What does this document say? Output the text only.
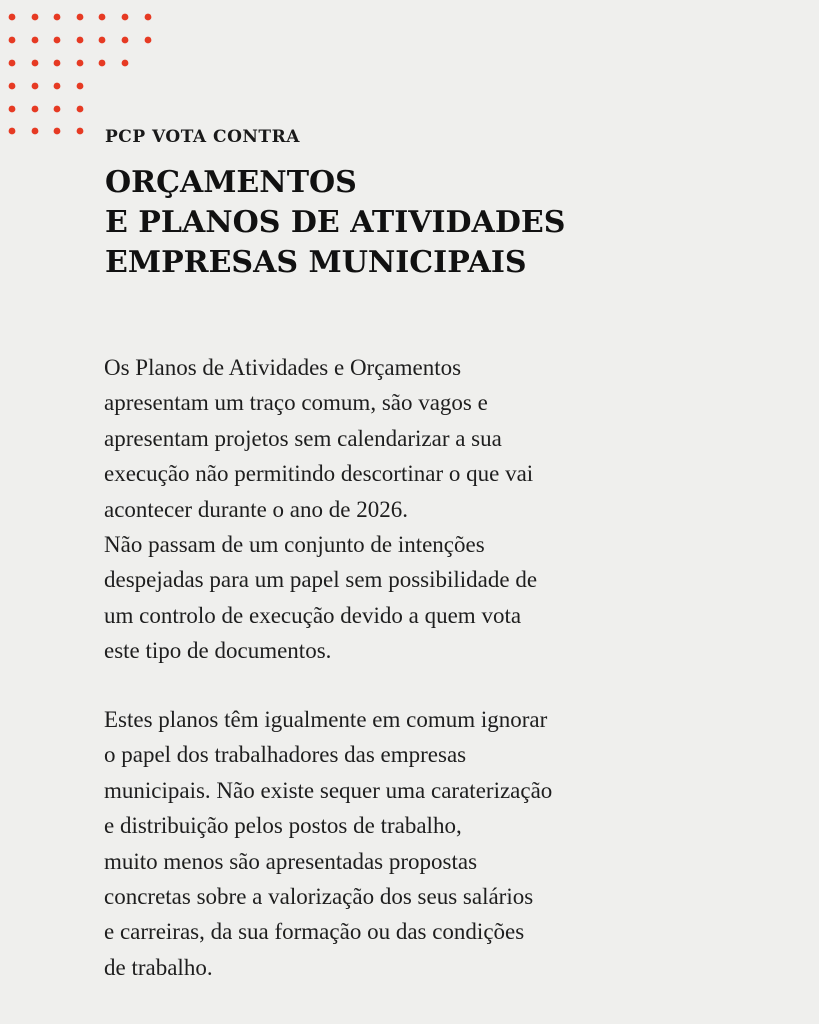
PCP VOTA CONTRA

ORÇAMENTOS
E PLANOS DE ATIVIDADES
EMPRESAS MUNICIPAIS

Os Planos de Atividades e Orçamentos
apresentam um traço comum, são vagos e
apresentam projetos sem calendarizar a sua
execução não permitindo descortinar o que vai
acontecer durante o ano de 2026.
Não passam de um conjunto de intenções
despejadas para um papel sem possibilidade de
um controlo de execução devido a quem vota
este tipo de documentos.

Estes planos têm igualmente em comum ignorar
o papel dos trabalhadores das empresas
municipais. Não existe sequer uma caraterização
e distribuição pelos postos de trabalho,
muito menos são apresentadas propostas
concretas sobre a valorização dos seus salários
e carreiras, da sua formação ou das condições
de trabalho.
